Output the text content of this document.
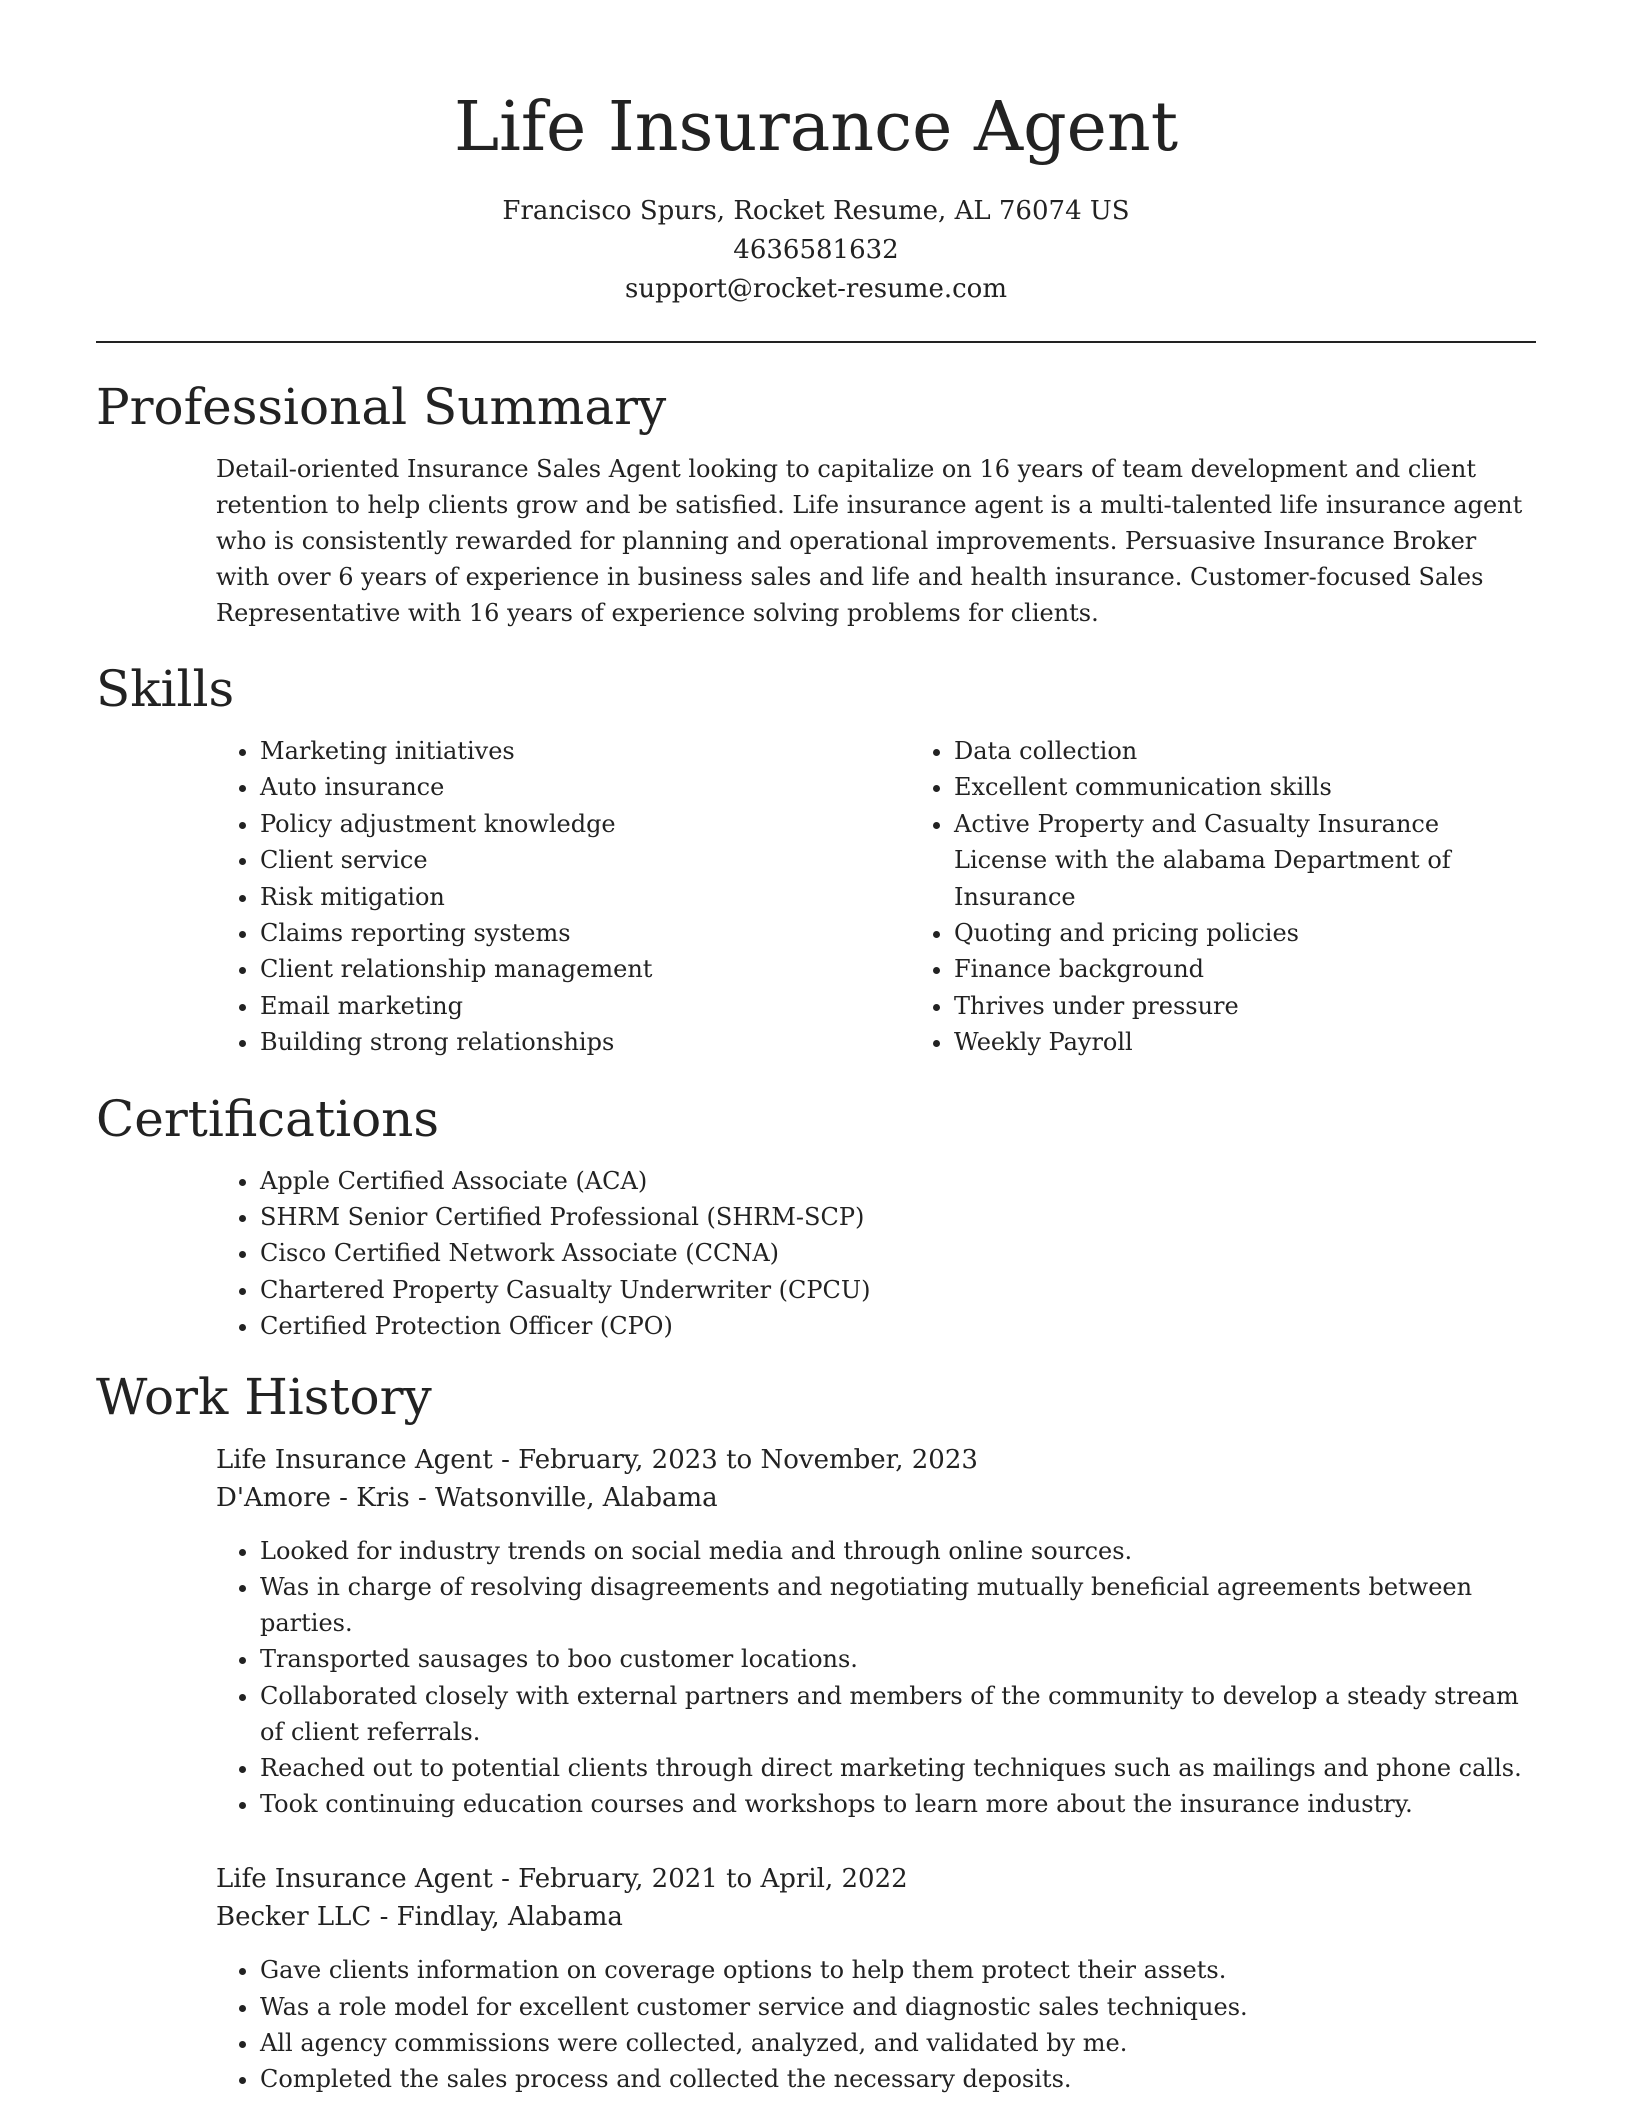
Life Insurance Agent
Francisco Spurs, Rocket Resume, AL 76074 US
4636581632
support@rocket-resume.com
Professional Summary

Detail-oriented Insurance Sales Agent looking to capitalize on 16 years of team development and client retention to help clients grow and be satisfied. Life insurance agent is a multi-talented life insurance agent who is consistently rewarded for planning and operational improvements. Persuasive Insurance Broker with over 6 years of experience in business sales and life and health insurance. Customer-focused Sales Representative with 16 years of experience solving problems for clients.

Skills
• Marketing initiatives
• Auto insurance
• Policy adjustment knowledge
• Client service
• Risk mitigation
• Claims reporting systems
• Client relationship management
• Email marketing
• Building strong relationships
• Data collection
• Excellent communication skills
• Active Property and Casualty Insurance License with the alabama Department of Insurance
• Quoting and pricing policies
• Finance background
• Thrives under pressure
• Weekly Payroll
Certifications
• Apple Certified Associate (ACA)
• SHRM Senior Certified Professional (SHRM-SCP)
• Cisco Certified Network Associate (CCNA)
• Chartered Property Casualty Underwriter (CPCU)
• Certified Protection Officer (CPO)
Work History
Life Insurance Agent - February, 2023 to November, 2023
D'Amore - Kris - Watsonville, Alabama
• Looked for industry trends on social media and through online sources.
• Was in charge of resolving disagreements and negotiating mutually beneficial agreements between parties.
• Transported sausages to boo customer locations.
• Collaborated closely with external partners and members of the community to develop a steady stream of client referrals.
• Reached out to potential clients through direct marketing techniques such as mailings and phone calls.
• Took continuing education courses and workshops to learn more about the insurance industry.
Life Insurance Agent - February, 2021 to April, 2022
Becker LLC - Findlay, Alabama
• Gave clients information on coverage options to help them protect their assets.
• Was a role model for excellent customer service and diagnostic sales techniques.
• All agency commissions were collected, analyzed, and validated by me.
• Completed the sales process and collected the necessary deposits.
